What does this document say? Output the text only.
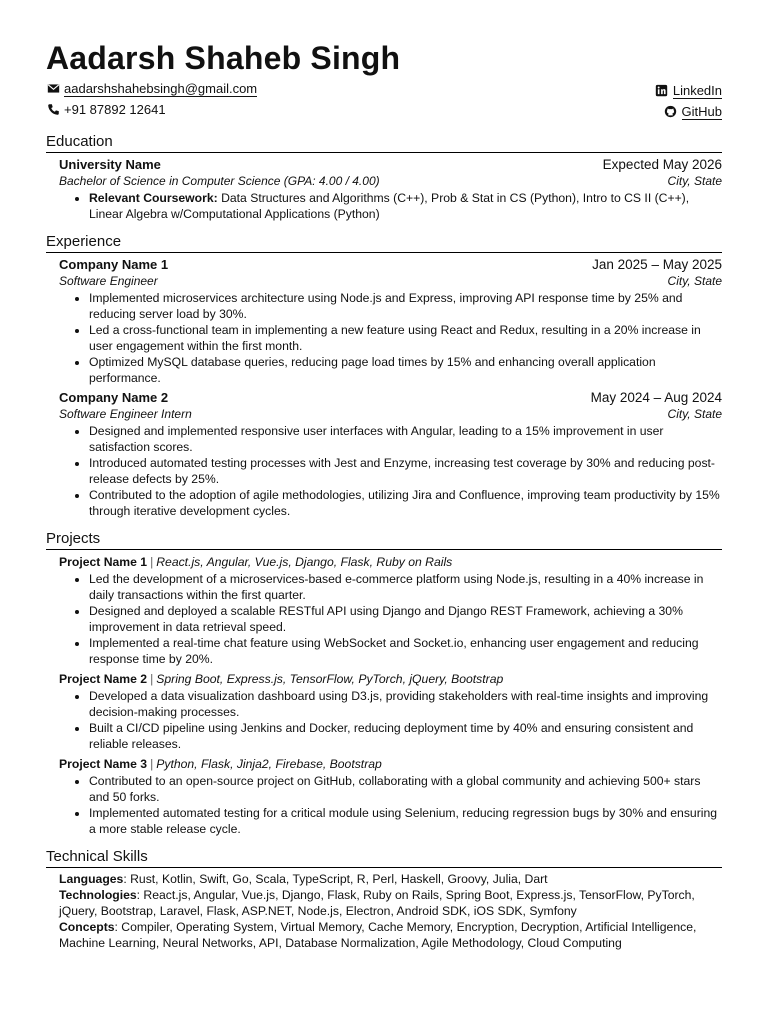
Aadarsh Shaheb Singh
aadarshshahebsingh@gmail.com
+91 87892 12641
LinkedIn
GitHub
Education
University Name	Expected May 2026
Bachelor of Science in Computer Science (GPA: 4.00 / 4.00)	City, State
• Relevant Coursework: Data Structures and Algorithms (C++), Prob & Stat in CS (Python), Intro to CS II (C++), Linear Algebra w/Computational Applications (Python)
Experience
Company Name 1	Jan 2025 – May 2025
Software Engineer	City, State
• Implemented microservices architecture using Node.js and Express, improving API response time by 25% and reducing server load by 30%.
• Led a cross-functional team in implementing a new feature using React and Redux, resulting in a 20% increase in user engagement within the first month.
• Optimized MySQL database queries, reducing page load times by 15% and enhancing overall application performance.
Company Name 2	May 2024 – Aug 2024
Software Engineer Intern	City, State
• Designed and implemented responsive user interfaces with Angular, leading to a 15% improvement in user satisfaction scores.
• Introduced automated testing processes with Jest and Enzyme, increasing test coverage by 30% and reducing post-release defects by 25%.
• Contributed to the adoption of agile methodologies, utilizing Jira and Confluence, improving team productivity by 15% through iterative development cycles.
Projects
Project Name 1 | React.js, Angular, Vue.js, Django, Flask, Ruby on Rails
• Led the development of a microservices-based e-commerce platform using Node.js, resulting in a 40% increase in daily transactions within the first quarter.
• Designed and deployed a scalable RESTful API using Django and Django REST Framework, achieving a 30% improvement in data retrieval speed.
• Implemented a real-time chat feature using WebSocket and Socket.io, enhancing user engagement and reducing response time by 20%.
Project Name 2 | Spring Boot, Express.js, TensorFlow, PyTorch, jQuery, Bootstrap
• Developed a data visualization dashboard using D3.js, providing stakeholders with real-time insights and improving decision-making processes.
• Built a CI/CD pipeline using Jenkins and Docker, reducing deployment time by 40% and ensuring consistent and reliable releases.
Project Name 3 | Python, Flask, Jinja2, Firebase, Bootstrap
• Contributed to an open-source project on GitHub, collaborating with a global community and achieving 500+ stars and 50 forks.
• Implemented automated testing for a critical module using Selenium, reducing regression bugs by 30% and ensuring a more stable release cycle.
Technical Skills
Languages: Rust, Kotlin, Swift, Go, Scala, TypeScript, R, Perl, Haskell, Groovy, Julia, Dart
Technologies: React.js, Angular, Vue.js, Django, Flask, Ruby on Rails, Spring Boot, Express.js, TensorFlow, PyTorch, jQuery, Bootstrap, Laravel, Flask, ASP.NET, Node.js, Electron, Android SDK, iOS SDK, Symfony
Concepts: Compiler, Operating System, Virtual Memory, Cache Memory, Encryption, Decryption, Artificial Intelligence, Machine Learning, Neural Networks, API, Database Normalization, Agile Methodology, Cloud Computing
